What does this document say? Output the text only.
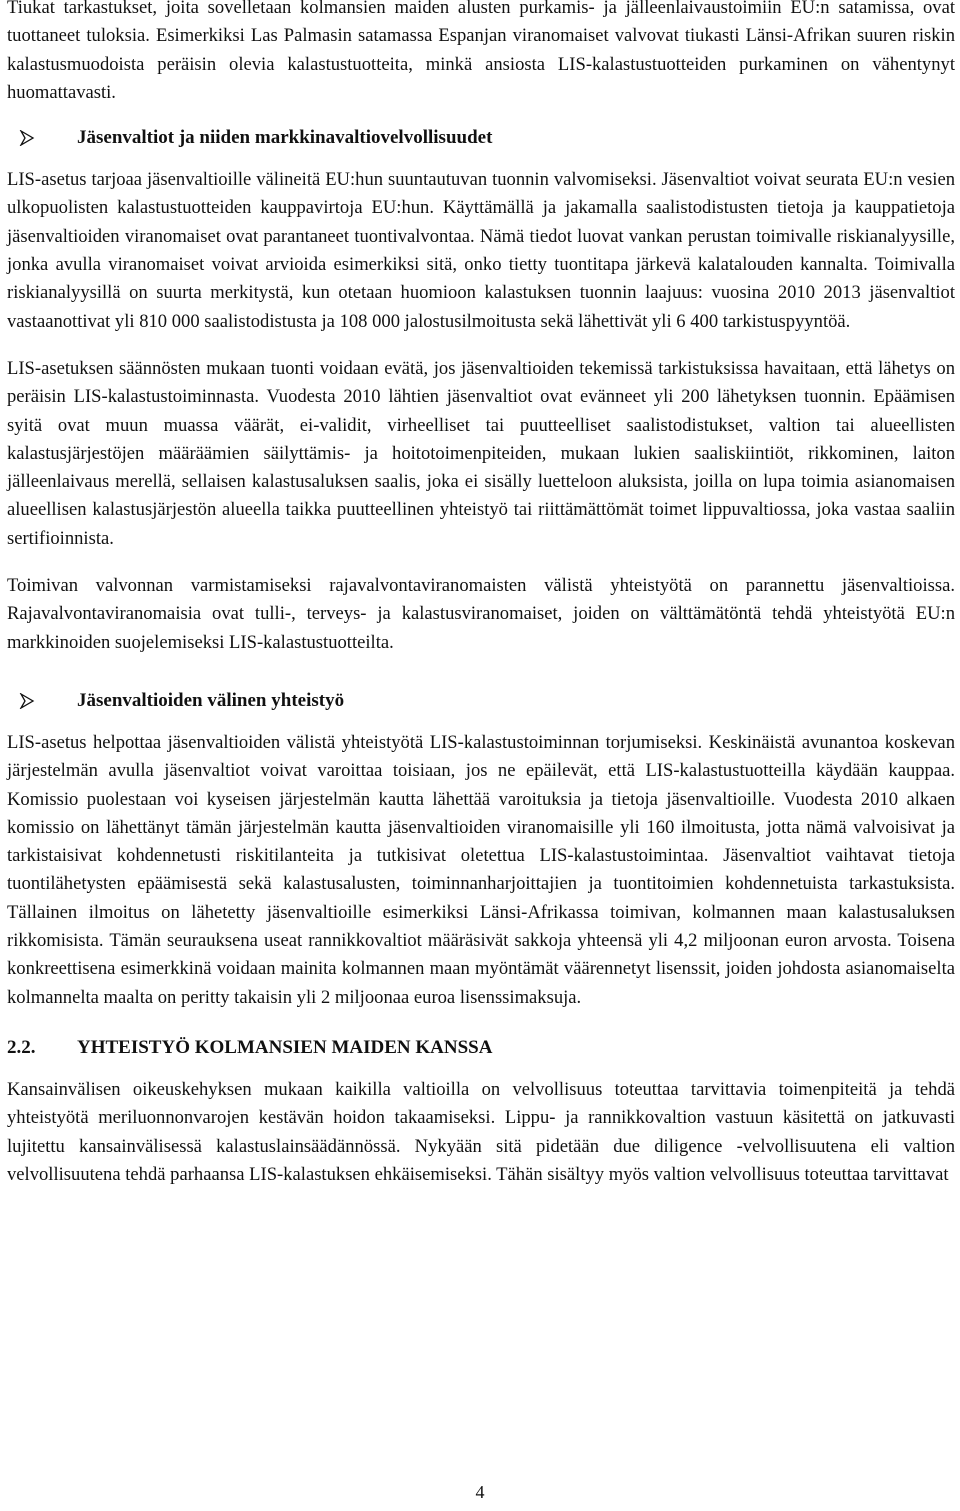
Tiukat tarkastukset, joita sovelletaan kolmansien maiden alusten purkamis- ja jälleenlaivaustoimiin EU:n satamissa, ovat tuottaneet tuloksia. Esimerkiksi Las Palmasin satamassa Espanjan viranomaiset valvovat tiukasti Länsi-Afrikan suuren riskin kalastusmuodoista peräisin olevia kalastustuotteita, minkä ansiosta LIS-kalastustuotteiden purkaminen on vähentynyt huomattavasti.

Jäsenvaltiot ja niiden markkinavaltiovelvollisuudet

LIS-asetus tarjoaa jäsenvaltioille välineitä EU:hun suuntautuvan tuonnin valvomiseksi. Jäsenvaltiot voivat seurata EU:n vesien ulkopuolisten kalastustuotteiden kauppavirtoja EU:hun. Käyttämällä ja jakamalla saalistodistusten tietoja ja kauppatietoja jäsenvaltioiden viranomaiset ovat parantaneet tuontivalvontaa. Nämä tiedot luovat vankan perustan toimivalle riskianalyysille, jonka avulla viranomaiset voivat arvioida esimerkiksi sitä, onko tietty tuontitapa järkevä kalatalouden kannalta. Toimivalla riskianalyysillä on suurta merkitystä, kun otetaan huomioon kalastuksen tuonnin laajuus: vuosina 2010 2013 jäsenvaltiot vastaanottivat yli 810 000 saalistodistusta ja 108 000 jalostusilmoitusta sekä lähettivät yli 6 400 tarkistuspyyntöä.

LIS-asetuksen säännösten mukaan tuonti voidaan evätä, jos jäsenvaltioiden tekemissä tarkistuksissa havaitaan, että lähetys on peräisin LIS-kalastustoiminnasta. Vuodesta 2010 lähtien jäsenvaltiot ovat evänneet yli 200 lähetyksen tuonnin. Epäämisen syitä ovat muun muassa väärät, ei-validit, virheelliset tai puutteelliset saalistodistukset, valtion tai alueellisten kalastusjärjestöjen määräämien säilyttämis- ja hoitotoimenpiteiden, mukaan lukien saaliskiintiöt, rikkominen, laiton jälleenlaivaus merellä, sellaisen kalastusaluksen saalis, joka ei sisälly luetteloon aluksista, joilla on lupa toimia asianomaisen alueellisen kalastusjärjestön alueella taikka puutteellinen yhteistyö tai riittämättömät toimet lippuvaltiossa, joka vastaa saaliin sertifioinnista.

Toimivan valvonnan varmistamiseksi rajavalvontaviranomaisten välistä yhteistyötä on parannettu jäsenvaltioissa. Rajavalvontaviranomaisia ovat tulli-, terveys- ja kalastusviranomaiset, joiden on välttämätöntä tehdä yhteistyötä EU:n markkinoiden suojelemiseksi LIS-kalastustuotteilta.

Jäsenvaltioiden välinen yhteistyö

LIS-asetus helpottaa jäsenvaltioiden välistä yhteistyötä LIS-kalastustoiminnan torjumiseksi. Keskinäistä avunantoa koskevan järjestelmän avulla jäsenvaltiot voivat varoittaa toisiaan, jos ne epäilevät, että LIS-kalastustuotteilla käydään kauppaa. Komissio puolestaan voi kyseisen järjestelmän kautta lähettää varoituksia ja tietoja jäsenvaltioille. Vuodesta 2010 alkaen komissio on lähettänyt tämän järjestelmän kautta jäsenvaltioiden viranomaisille yli 160 ilmoitusta, jotta nämä valvoisivat ja tarkistaisivat kohdennetusti riskitilanteita ja tutkisivat oletettua LIS-kalastustoimintaa. Jäsenvaltiot vaihtavat tietoja tuontilähetysten epäämisestä sekä kalastusalusten, toiminnanharjoittajien ja tuontitoimien kohdennetuista tarkastuksista. Tällainen ilmoitus on lähetetty jäsenvaltioille esimerkiksi Länsi-Afrikassa toimivan, kolmannen maan kalastusaluksen rikkomisista. Tämän seurauksena useat rannikkovaltiot määräsivät sakkoja yhteensä yli 4,2 miljoonan euron arvosta. Toisena konkreettisena esimerkkinä voidaan mainita kolmannen maan myöntämät väärennetyt lisenssit, joiden johdosta asianomaiselta kolmannelta maalta on peritty takaisin yli 2 miljoonaa euroa lisenssimaksuja.

2.2.	YHTEISTYÖ KOLMANSIEN MAIDEN KANSSA

Kansainvälisen oikeuskehyksen mukaan kaikilla valtioilla on velvollisuus toteuttaa tarvittavia toimenpiteitä ja tehdä yhteistyötä meriluonnonvarojen kestävän hoidon takaamiseksi. Lippu- ja rannikkovaltion vastuun käsitettä on jatkuvasti lujitettu kansainvälisessä kalastuslainsäädännössä. Nykyään sitä pidetään due diligence -velvollisuutena eli valtion velvollisuutena tehdä parhaansa LIS-kalastuksen ehkäisemiseksi. Tähän sisältyy myös valtion velvollisuus toteuttaa tarvittavat

4
